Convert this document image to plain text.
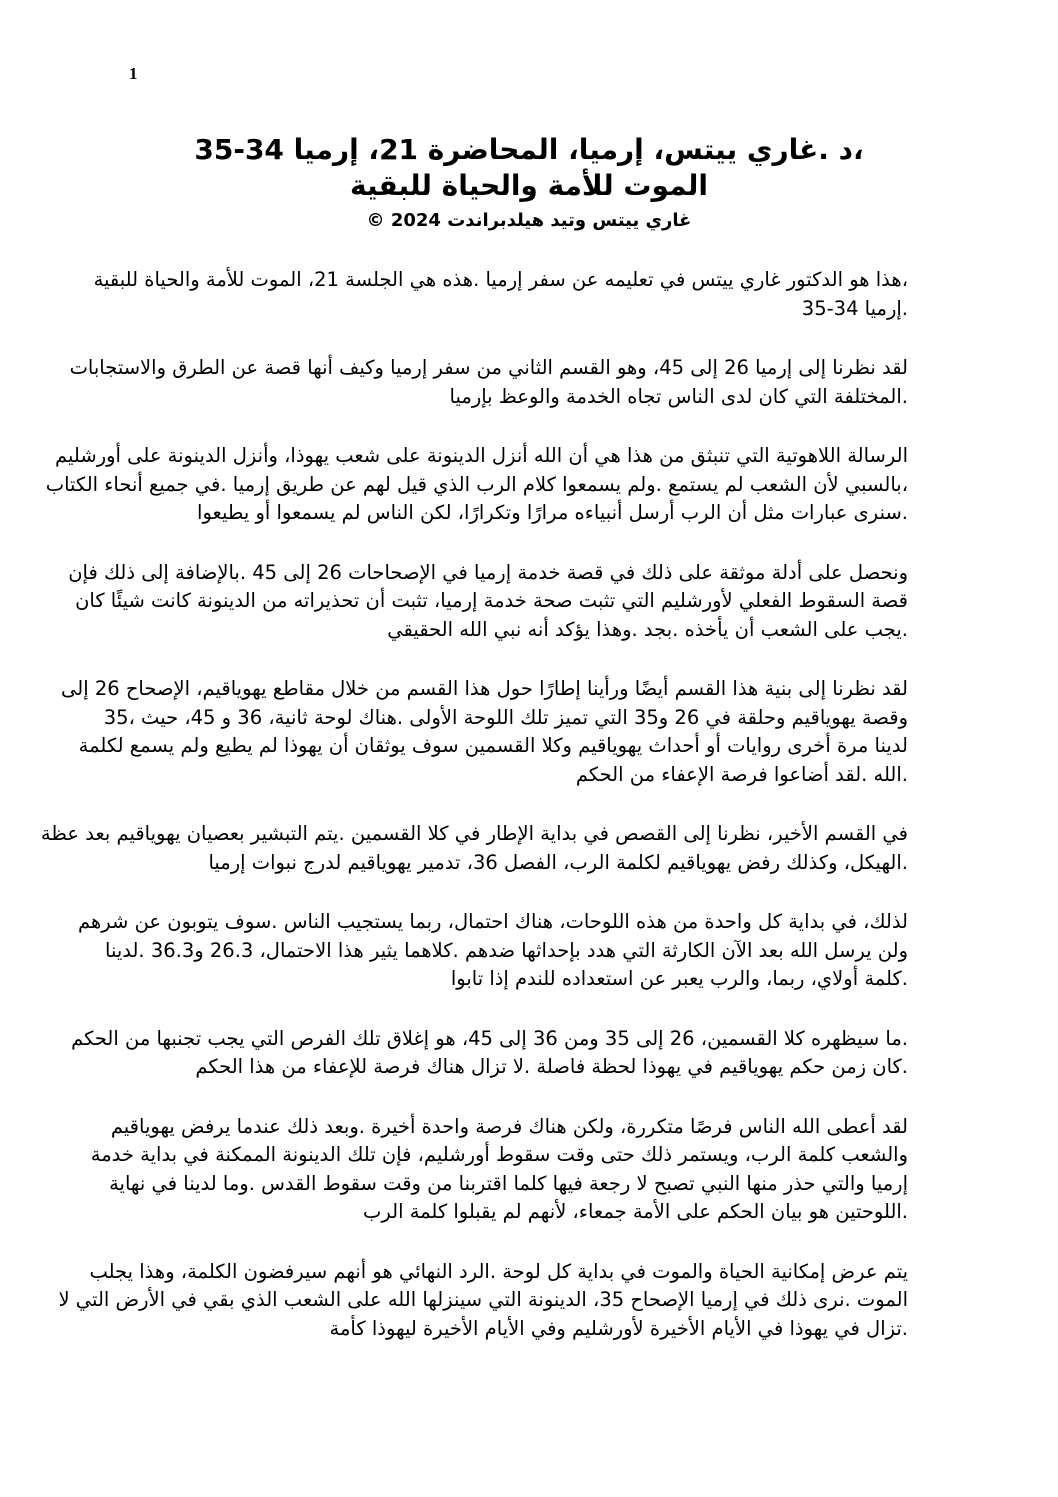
1
،د .غاري ييتس، إرميا، المحاضرة 21، إرميا 34-35
الموت للأمة والحياة للبقية
غاري ييتس وتيد هيلدبراندت 2024 ©
،هذا هو الدكتور غاري ييتس في تعليمه عن سفر إرميا .هذه هي الجلسة 21، الموت للأمة والحياة للبقية
.إرميا 34-35
لقد نظرنا إلى إرميا 26 إلى 45، وهو القسم الثاني من سفر إرميا وكيف أنها قصة عن الطرق والاستجابات
.المختلفة التي كان لدى الناس تجاه الخدمة والوعظ بإرميا
الرسالة اللاهوتية التي تنبثق من هذا هي أن الله أنزل الدينونة على شعب يهوذا، وأنزل الدينونة على أورشليم
،بالسبي لأن الشعب لم يستمع .ولم يسمعوا كلام الرب الذي قيل لهم عن طريق إرميا .في جميع أنحاء الكتاب
.سنرى عبارات مثل أن الرب أرسل أنبياءه مرارًا وتكرارًا، لكن الناس لم يسمعوا أو يطيعوا
ونحصل على أدلة موثقة على ذلك في قصة خدمة إرميا في الإصحاحات 26 إلى 45 .بالإضافة إلى ذلك فإن
قصة السقوط الفعلي لأورشليم التي تثبت صحة خدمة إرميا، تثبت أن تحذيراته من الدينونة كانت شيئًا كان
.يجب على الشعب أن يأخذه .بجد .وهذا يؤكد أنه نبي الله الحقيقي
لقد نظرنا إلى بنية هذا القسم أيضًا ورأينا إطارًا حول هذا القسم من خلال مقاطع يهوياقيم، الإصحاح 26 إلى
وقصة يهوياقيم وحلقة في 26 و35 التي تميز تلك اللوحة الأولى .هناك لوحة ثانية، 36 و 45، حيث ،35
لدينا مرة أخرى روايات أو أحداث يهوياقيم وكلا القسمين سوف يوثقان أن يهوذا لم يطيع ولم يسمع لكلمة
.الله .لقد أضاعوا فرصة الإعفاء من الحكم
في القسم الأخير، نظرنا إلى القصص في بداية الإطار في كلا القسمين .يتم التبشير بعصيان يهوياقيم بعد عظة
.الهيكل، وكذلك رفض يهوياقيم لكلمة الرب، الفصل 36، تدمير يهوياقيم لدرج نبوات إرميا
لذلك، في بداية كل واحدة من هذه اللوحات، هناك احتمال، ربما يستجيب الناس .سوف يتوبون عن شرهم
ولن يرسل الله بعد الآن الكارثة التي هدد بإحداثها ضدهم .كلاهما يثير هذا الاحتمال، 26.3 و36.3 .لدينا
.كلمة أولاي، ربما، والرب يعبر عن استعداده للندم إذا تابوا
.ما سيظهره كلا القسمين، 26 إلى 35 ومن 36 إلى 45، هو إغلاق تلك الفرص التي يجب تجنبها من الحكم
.كان زمن حكم يهوياقيم في يهوذا لحظة فاصلة .لا تزال هناك فرصة للإعفاء من هذا الحكم
لقد أعطى الله الناس فرصًا متكررة، ولكن هناك فرصة واحدة أخيرة .وبعد ذلك عندما يرفض يهوياقيم
والشعب كلمة الرب، ويستمر ذلك حتى وقت سقوط أورشليم، فإن تلك الدينونة الممكنة في بداية خدمة
إرميا والتي حذر منها النبي تصبح لا رجعة فيها كلما اقتربنا من وقت سقوط القدس .وما لدينا في نهاية
.اللوحتين هو بيان الحكم على الأمة جمعاء، لأنهم لم يقبلوا كلمة الرب
يتم عرض إمكانية الحياة والموت في بداية كل لوحة .الرد النهائي هو أنهم سيرفضون الكلمة، وهذا يجلب
الموت .نرى ذلك في إرميا الإصحاح 35، الدينونة التي سينزلها الله على الشعب الذي بقي في الأرض التي لا
.تزال في يهوذا في الأيام الأخيرة لأورشليم وفي الأيام الأخيرة ليهوذا كأمة
